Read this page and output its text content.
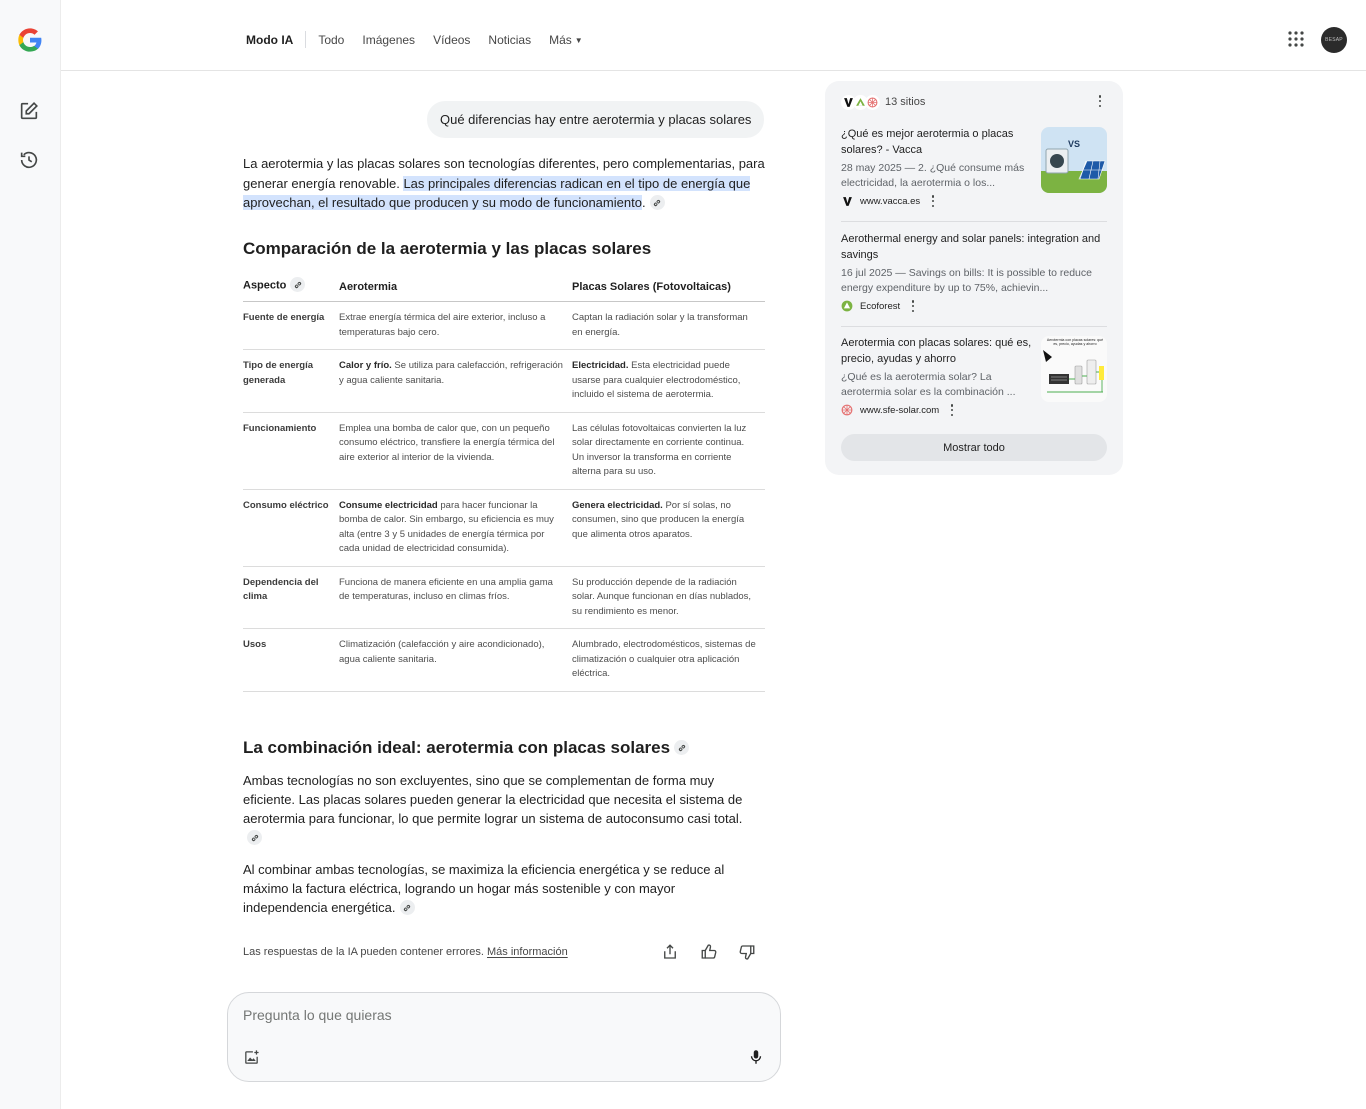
Modo IA Todo Imágenes Vídeos Noticias Más ▼	BESAP
Qué diferencias hay entre aerotermia y placas solares

La aerotermia y las placas solares son tecnologías diferentes, pero complementarias, para generar energía renovable. Las principales diferencias radican en el tipo de energía que aprovechan, el resultado que producen y su modo de funcionamiento.

Comparación de la aerotermia y las placas solares
Aspecto	Aerotermia	Placas Solares (Fotovoltaicas)
Fuente de energía	Extrae energía térmica del aire exterior, incluso a temperaturas bajo cero.	Captan la radiación solar y la transforman en energía.
Tipo de energía generada	Calor y frío. Se utiliza para calefacción, refrigeración y agua caliente sanitaria.	Electricidad. Esta electricidad puede usarse para cualquier electrodoméstico, incluido el sistema de aerotermia.
Funcionamiento	Emplea una bomba de calor que, con un pequeño consumo eléctrico, transfiere la energía térmica del aire exterior al interior de la vivienda.	Las células fotovoltaicas convierten la luz solar directamente en corriente continua. Un inversor la transforma en corriente alterna para su uso.
Consumo eléctrico	Consume electricidad para hacer funcionar la bomba de calor. Sin embargo, su eficiencia es muy alta (entre 3 y 5 unidades de energía térmica por cada unidad de electricidad consumida).	Genera electricidad. Por sí solas, no consumen, sino que producen la energía que alimenta otros aparatos.
Dependencia del clima	Funciona de manera eficiente en una amplia gama de temperaturas, incluso en climas fríos.	Su producción depende de la radiación solar. Aunque funcionan en días nublados, su rendimiento es menor.
Usos	Climatización (calefacción y aire acondicionado), agua caliente sanitaria.	Alumbrado, electrodomésticos, sistemas de climatización o cualquier otra aplicación eléctrica.
La combinación ideal: aerotermia con placas solares

Ambas tecnologías no son excluyentes, sino que se complementan de forma muy eficiente. Las placas solares pueden generar la electricidad que necesita el sistema de aerotermia para funcionar, lo que permite lograr un sistema de autoconsumo casi total.

Al combinar ambas tecnologías, se maximiza la eficiencia energética y se reduce al máximo la factura eléctrica, logrando un hogar más sostenible y con mayor independencia energética.

Las respuestas de la IA pueden contener errores. Más información
Pregunta lo que quieras
13 sitios
¿Qué es mejor aerotermia o placas solares? - Vacca
28 may 2025 — 2. ¿Qué consume más electricidad, la aerotermia o los...
www.vacca.es
VS
Aerothermal energy and solar panels: integration and savings
16 jul 2025 — Savings on bills: It is possible to reduce energy expenditure by up to 75%, achievin...
Ecoforest
Aerotermia con placas solares: qué es, precio, ayudas y ahorro
¿Qué es la aerotermia solar? La aerotermia solar es la combinación ...
www.sfe-solar.com
Aerotermia con placas solares: qué es, precio, ayudas y ahorro
Mostrar todo
